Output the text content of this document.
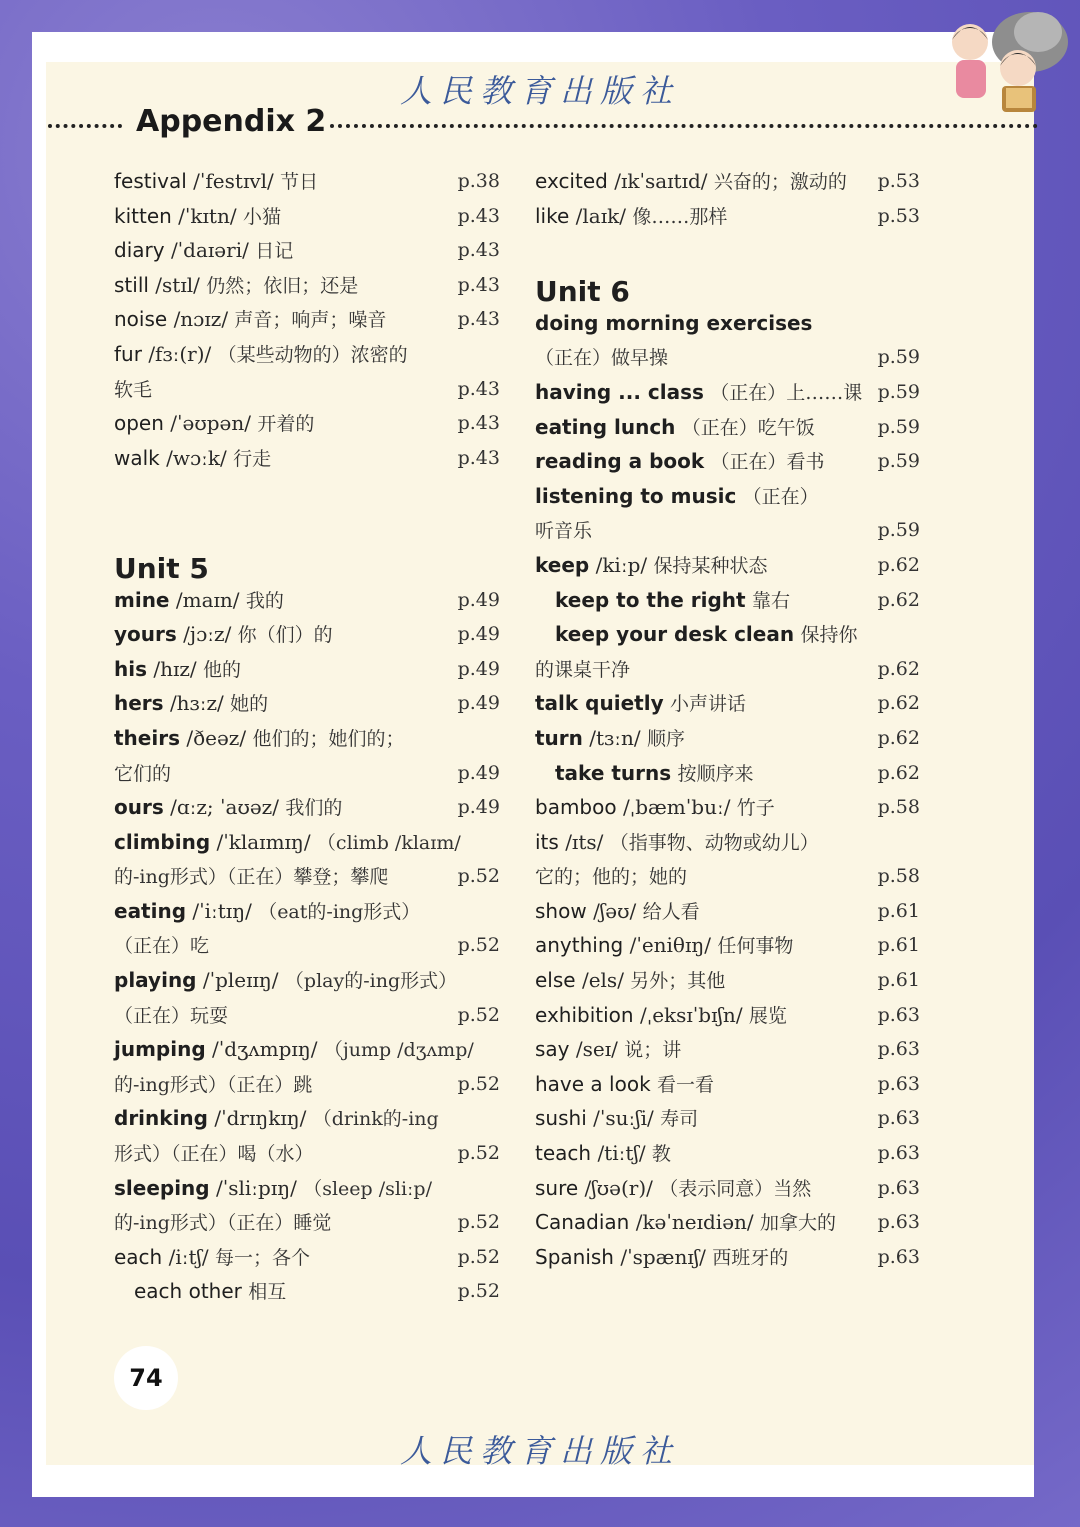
人民教育出版社
Appendix 2
festival /ˈfestɪvl/ 节日	p.38
kitten /ˈkɪtn/ 小猫	p.43
diary /ˈdaɪəri/ 日记	p.43
still /stɪl/ 仍然；依旧；还是	p.43
noise /nɔɪz/ 声音；响声；噪音	p.43
fur /fɜː(r)/ （某些动物的）浓密的
软毛	p.43
open /ˈəʊpən/ 开着的	p.43
walk /wɔːk/ 行走	p.43
Unit 5
mine /maɪn/ 我的	p.49
yours /jɔːz/ 你（们）的	p.49
his /hɪz/ 他的	p.49
hers /hɜːz/ 她的	p.49
theirs /ðeəz/ 他们的；她们的；
它们的	p.49
ours /ɑːz; ˈaʊəz/ 我们的	p.49
climbing /ˈklaɪmɪŋ/ （climb /klaɪm/
的-ing形式）（正在）攀登；攀爬	p.52
eating /ˈiːtɪŋ/ （eat的-ing形式）
（正在）吃	p.52
playing /ˈpleɪɪŋ/ （play的-ing形式）
（正在）玩耍	p.52
jumping /ˈdʒʌmpɪŋ/ （jump /dʒʌmp/
的-ing形式）（正在）跳	p.52
drinking /ˈdrɪŋkɪŋ/ （drink的-ing
形式）（正在）喝（水）	p.52
sleeping /ˈsliːpɪŋ/ （sleep /sliːp/
的-ing形式）（正在）睡觉	p.52
each /iːtʃ/ 每一；各个	p.52
each other 相互	p.52
excited /ɪkˈsaɪtɪd/ 兴奋的；激动的 p.53
like /laɪk/ 像……那样	p.53
Unit 6
doing morning exercises
（正在）做早操	p.59
having ... class （正在）上……课 p.59
eating lunch （正在）吃午饭	p.59
reading a book （正在）看书	p.59
listening to music （正在）
听音乐	p.59
keep /kiːp/ 保持某种状态	p.62
keep to the right 靠右	p.62
keep your desk clean 保持你
的课桌干净	p.62
talk quietly 小声讲话	p.62
turn /tɜːn/ 顺序	p.62
take turns 按顺序来	p.62
bamboo /ˌbæmˈbuː/ 竹子	p.58
its /ɪts/ （指事物、动物或幼儿）
它的；他的；她的	p.58
show /ʃəʊ/ 给人看	p.61
anything /ˈeniθɪŋ/ 任何事物	p.61
else /els/ 另外；其他	p.61
exhibition /ˌeksɪˈbɪʃn/ 展览	p.63
say /seɪ/ 说；讲	p.63
have a look 看一看	p.63
sushi /ˈsuːʃi/ 寿司	p.63
teach /tiːtʃ/ 教	p.63
sure /ʃʊə(r)/ （表示同意）当然	p.63
Canadian /kəˈneɪdiən/ 加拿大的 p.63
Spanish /ˈspænɪʃ/ 西班牙的	p.63
74
人民教育出版社
